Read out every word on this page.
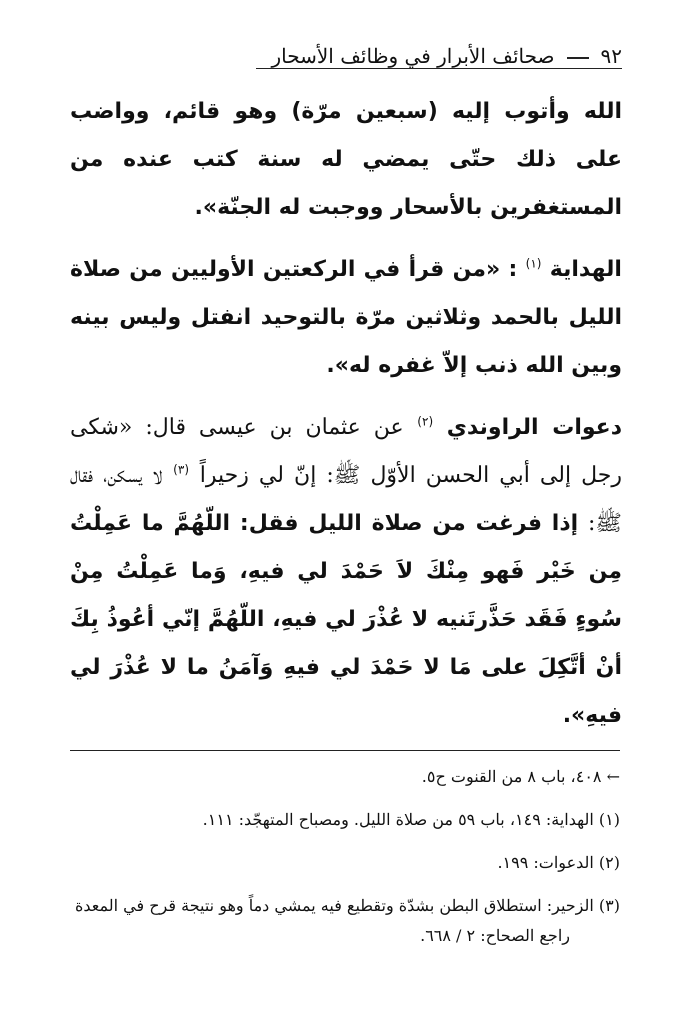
٩٢
صحائف الأبرار في وظائف الأسحار

الله وأتوب إليه (سبعين مرّة) وهو قائم، وواضب على ذلك حتّى يمضي له سنة كتب عنده من المستغفرين بالأسحار ووجبت له الجنّة».

الهداية $^{(١)}$ : «من قرأ في الركعتين الأوليين من صلاة الليل بالحمد وثلاثين مرّة بالتوحيد انفتل وليس بينه وبين الله ذنب إلاّ غفره له».

دعوات الراوندي $^{(٢)}$ عن عثمان بن عيسى قال: «شكى رجل إلى أبي الحسن الأوّل ﷺ: إنّ لي زحيراً $^{(٣)}$ لا يسكن، فقال ﷺ: إذا فرغت من صلاة الليل فقل: اللّهُمَّ ما عَمِلْتُ مِن خَيْر فَهو مِنْكَ لاَ حَمْدَ لي فيهِ، وَما عَمِلْتُ مِنْ سُوءٍ فَقَد حَذَّرتَنيه لا عُذْرَ لي فيهِ، اللّهُمَّ إنّي أعُوذُ بِكَ أنْ أتَّكِلَ على مَا لا حَمْدَ لي فيهِ وَآمَنُ ما لا عُذْرَ لي فيهِ».

← ٤٠٨، باب ٨ من القنوت ح٥.

(١) الهداية: ١٤٩، باب ٥٩ من صلاة الليل. ومصباح المتهجّد: ١١١.

(٢) الدعوات: ١٩٩.

(٣) الزحير: استطلاق البطن بشدّة وتقطيع فيه يمشي دماً وهو نتيجة قرح في المعدة

راجع الصحاح: ٢ / ٦٦٨.
